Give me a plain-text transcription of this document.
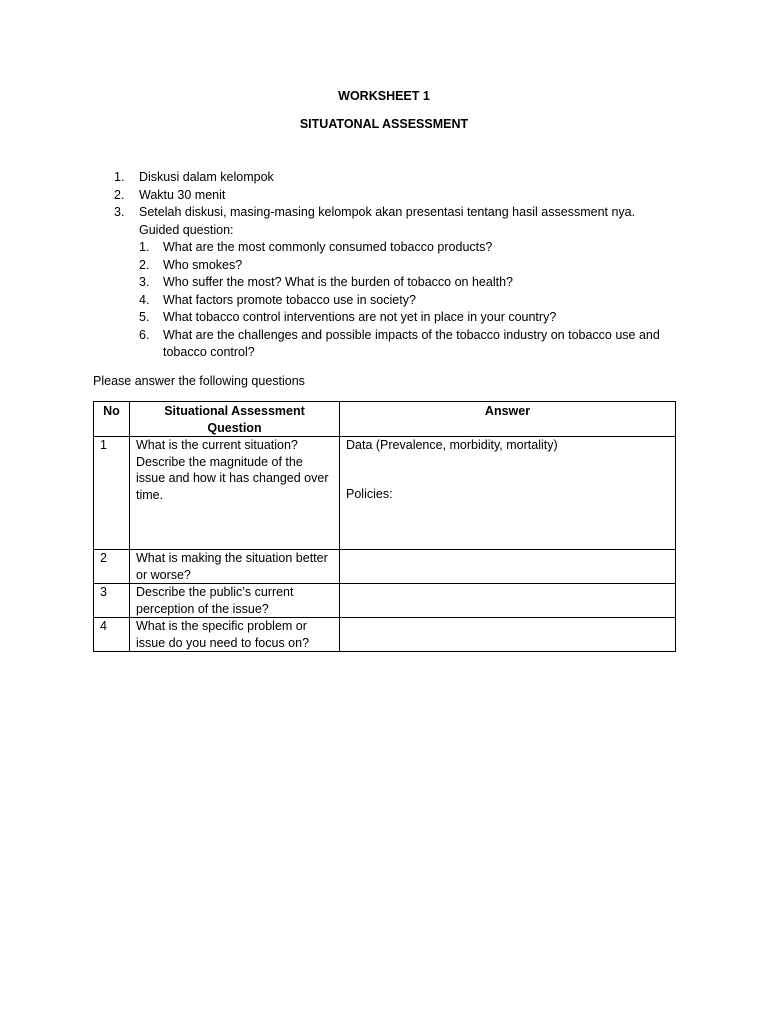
WORKSHEET 1
SITUATONAL ASSESSMENT
1. Diskusi dalam kelompok
2. Waktu 30 menit
3. Setelah diskusi, masing-masing kelompok akan presentasi tentang hasil assessment nya.
Guided question:
1. What are the most commonly consumed tobacco products?
2. Who smokes?
3. Who suffer the most? What is the burden of tobacco on health?
4. What factors promote tobacco use in society?
5. What tobacco control interventions are not yet in place in your country?
6. What are the challenges and possible impacts of the tobacco industry on tobacco use and tobacco control?
Please answer the following questions
No	Situational Assessment Question	Answer
1	What is the current situation? Describe the magnitude of the issue and how it has changed over time.	Data (Prevalence, morbidity, mortality)
Policies:

2	What is making the situation better or worse?	
3	Describe the public’s current perception of the issue?	
4	What is the specific problem or issue do you need to focus on?	
